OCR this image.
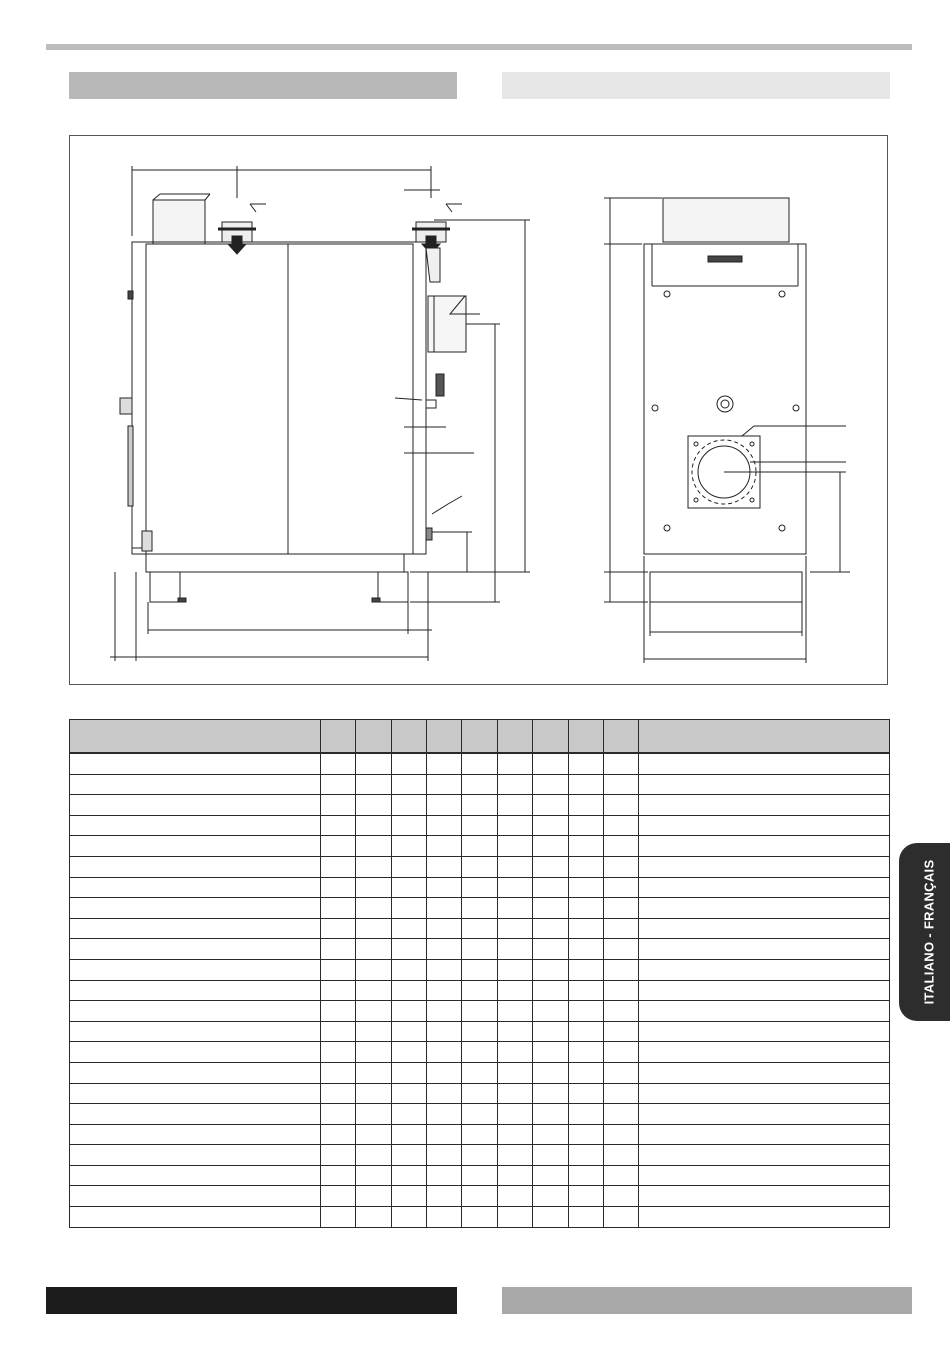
ITALIANO - FRANÇAIS
